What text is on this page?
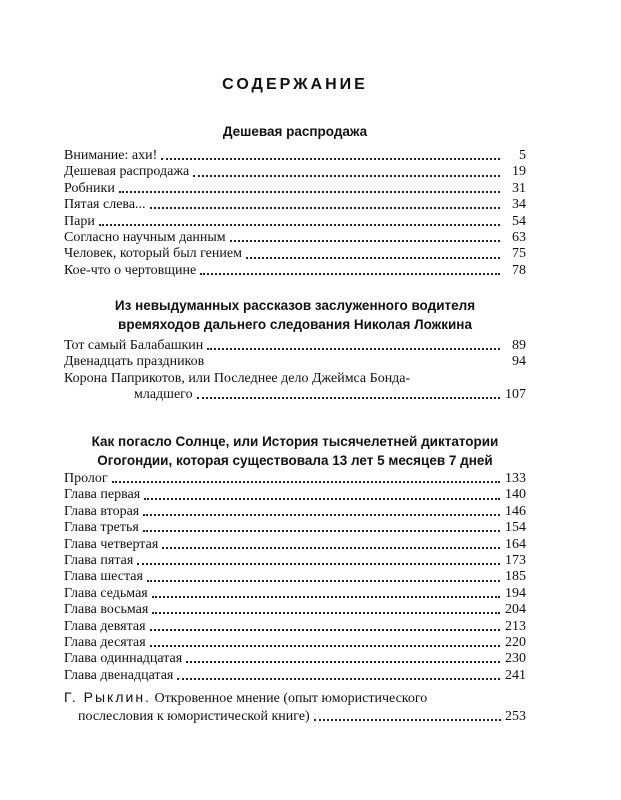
СОДЕРЖАНИЕ
Дешевая распродажа
Внимание: ахи!	5
Дешевая распродажа	19
Робники	31
Пятая слева...	34
Пари	54
Согласно научным данным	63
Человек, который был гением	75
Кое-что о чертовщине	78
Из невыдуманных рассказов заслуженного водителя
времяходов дальнего следования Николая Ложкина
Тот самый Балабашкин	89
Двенадцать праздников	94
Корона Паприкотов, или Последнее дело Джеймса Бонда-
младшего	107
Как погасло Солнце, или История тысячелетней диктатории
Огогондии, которая существовала 13 лет 5 месяцев 7 дней
Пролог	133
Глава первая	140
Глава вторая	146
Глава третья	154
Глава четвертая	164
Глава пятая	173
Глава шестая	185
Глава седьмая	194
Глава восьмая	204
Глава девятая	213
Глава десятая	220
Глава одиннадцатая	230
Глава двенадцатая	241
Г. Рыклин. Откровенное мнение (опыт юмористического
послесловия к юмористической книге)	253
